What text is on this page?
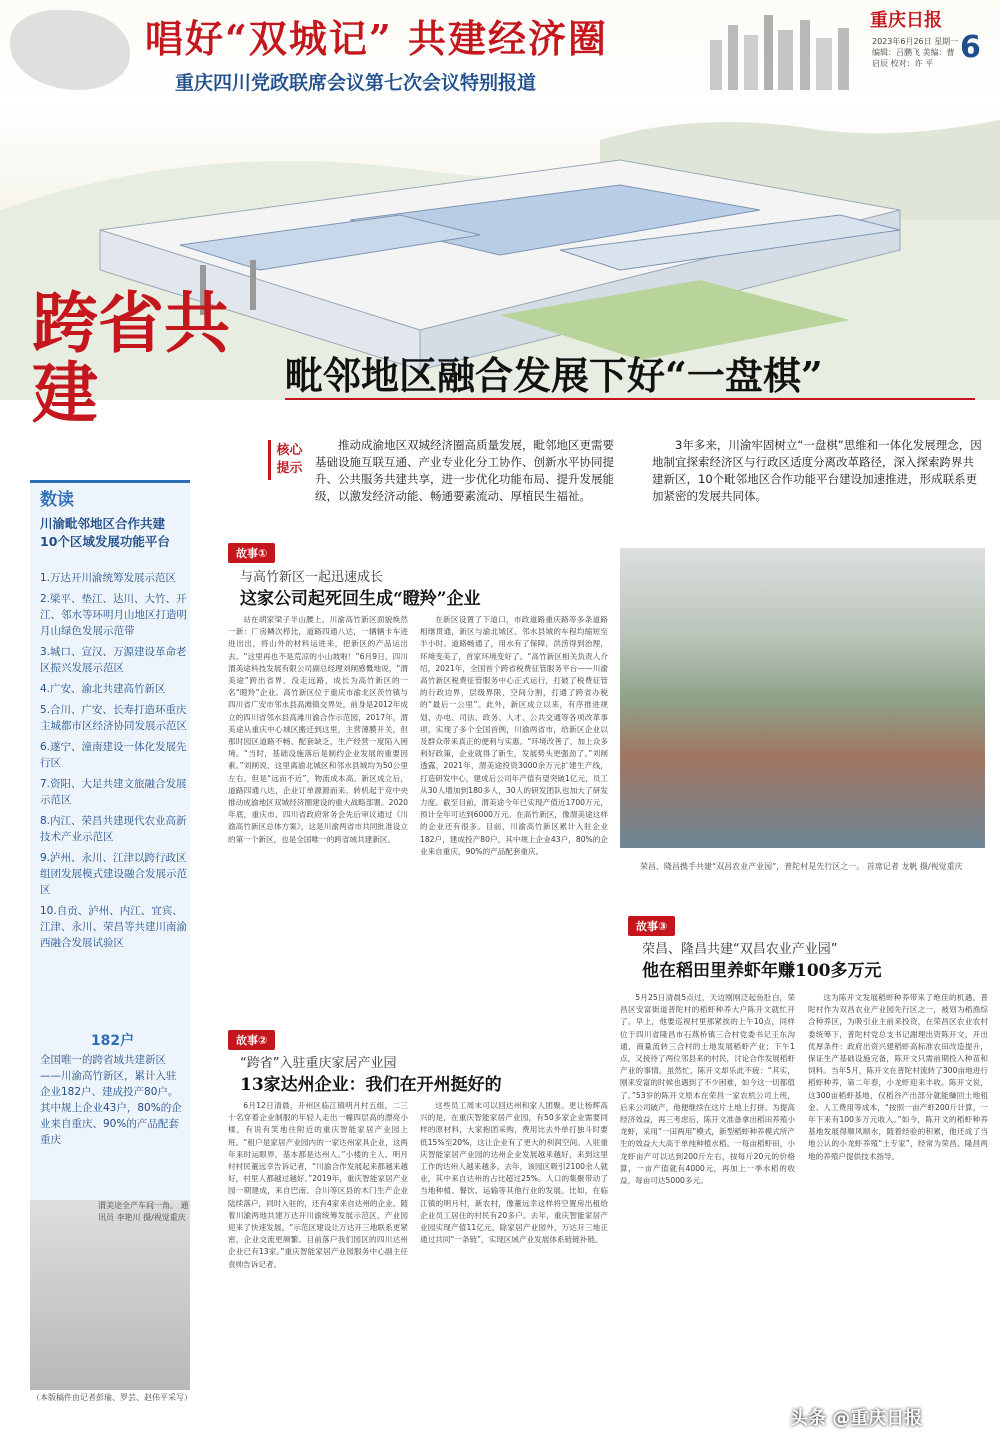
唱好“双城记” 共建经济圈
重庆四川党政联席会议第七次会议特别报道
重庆日报
2023年6月26日 星期一 编辑：吕鹏飞 美编：曹启辰 校对：许 平 6
跨省共建	毗邻地区融合发展下好“一盘棋”
核心提示
推动成渝地区双城经济圈高质量发展，毗邻地区更需要基础设施互联互通、产业专业化分工协作、创新水平协同提升、公共服务共建共享，进一步优化功能布局、提升发展能级，以激发经济动能、畅通要素流动、厚植民生福祉。
3年多来，川渝牢固树立“一盘棋”思维和一体化发展理念，因地制宜探索经济区与行政区适度分离改革路径，深入探索跨界共建新区，10个毗邻地区合作功能平台建设加速推进，形成联系更加紧密的发展共同体。
数读
川渝毗邻地区合作共建 10个区域发展功能平台
1.万达开川渝统筹发展示范区
2.梁平、垫江、达川、大竹、开江、邻水等环明月山地区打造明月山绿色发展示范带
3.城口、宣汉、万源建设革命老区振兴发展示范区
4.广安、渝北共建高竹新区
5.合川、广安、长寿打造环重庆主城都市区经济协同发展示范区
6.遂宁、潼南建设一体化发展先行区
7.资阳、大足共建文旅融合发展示范区
8.内江、荣昌共建现代农业高新技术产业示范区
9.泸州、永川、江津以跨行政区组团发展模式建设融合发展示范区
10.自贡、泸州、内江、宜宾、江津、永川、荣昌等共建川南渝西融合发展试验区
182户
全国唯一的跨省域共建新区——川渝高竹新区，累计入驻企业182户、建成投产80户。其中规上企业43户，80%的企业来自重庆、90%的产品配套重庆
渭美途全产车间一角。 通讯员 李艳川 摄/视觉重庆
（本版稿件由记者彭瑜、罗芸、赵伟平采写）
故事①
与高竹新区一起迅速成长
这家公司起死回生成“瞪羚”企业
站在胡家梁子半山腰上，川渝高竹新区面貌焕然一新：厂房鳞次栉比，道路四通八达，一辆辆卡车进进出出，将山外的材料运进来，把新区的产品运出去。“这里再也不是荒凉的小山坡啦！”6月9日，四川渭美途科技发展有限公司副总经理刘闸感慨地说，“渭美途”跨出省界，没走远路，成长为高竹新区的一名“瞪羚”企业。高竹新区位于重庆市渝北区茨竹镇与四川省广安市邻水县高滩镇交界处，前身是2012年成立的四川省邻水县高滩川渝合作示范园，2017年，渭美途从重庆中心城区搬迁到这里，主营薄膜开关，但那时园区道路不畅、配套缺乏，生产经营一度陷入困境。“当时，基础设施落后是制约企业发展的重要因素。”刘闸说，这里离渝北城区和邻水县城均为50公里左右，但是“远而不近”，物流成本高。新区成立后，道路四通八达，企业订单源源而来。转机起于竞中央推动成渝地区双城经济圈建设的重大战略部署。2020年底，重庆市、四川省政府常务会先后审议通过《川渝高竹新区总体方案》，这是川渝两省市共同批准设立的第一个新区，也是全国唯一的跨省域共建新区。
在新区设置了下道口，市政道路重庆路等多条道路相继贯通，新区与渝北城区、邻水县城的车程均缩短至半小时。道路畅通了，用水有了保障，洪涝得到治理，环境变美了，首家环境变好了。“高竹新区相关负责人介绍，2021年，全国首个跨省税费征管服务平台——川渝高竹新区税费征管服务中心正式运行，打破了税费征管的行政边界，层级界限、空间分割，打通了跨省办税的“最后一公里”。此外，新区成立以来，有序推进规划、办电、司法、政务、人才、公共交通等各项改革事项，实现了多个全国首例，川渝两省市，给新区企业以及群众带来真正的便利与实惠。“环境改善了，加上众多利好政策，企业就得了新生，发展势头更强劲了。”刘闸透露，2021年，渭美途投资3000余万元扩建生产线，打造研发中心，建成后公司年产值有望突破1亿元，员工从30人增加到180多人，30人的研发团队也加大了研发力度。截至目前，渭美途今年已实现产值近1700万元，预计全年可达到6000万元。在高竹新区，像渭美途这样的企业还有很多。目前，川渝高竹新区累计入驻企业182户，建成投产80户，其中规上企业43户，80%的企业来自重庆，90%的产品配套重庆。
故事②
“跨省”入驻重庆家居产业园
13家达州企业：我们在开州挺好的
6月12日清晨，开州区临江镇明月村五组，二三十名穿着企业制服的年轻人走出一幢四层高的漂亮小楼，有说有笑地往附近的重庆智能家居产业园上班。“租户是家居产业园内的一家达州家具企业，这两年来时运眼界，基本都是达州人。”小楼的主人、明月村村民董远幸告诉记者，“川渝合作发展起来都越来越好，村里人都越过越好。”2019年，重庆智能家居产业园一期建成，来自巴南、合川等区县的木门生产企业陆续落户，同时入驻的，还有4家来自达州的企业。随着川渝两地共建万达开川渝统筹发展示范区，产业园迎来了快速发展。“示范区建设让万达开三地联系更紧密，企业交流更频繁。目前落户我们园区的四川达州企业已有13家。”重庆智能家居产业园服务中心副主任袁帅告诉记者。
这些员工周末可以回达州和家人团聚。更让杨辉高兴的是，在重庆智能家居产业园，有50多家企业需要同样的原材料，大家抱团采购，费用比去外单打独斗时要低15%至20%，这让企业有了更大的利润空间。入驻重庆智能家居产业园的达州企业发展越来越好，来到这里工作的达州人越来越多。去年，该园区吸引2100余人就业，其中来自达州的占比超过25%。人口的集聚带动了当地种植、餐饮、运输等其他行业的发展。比如，在临江镇的明月村，新农村，像董远幸这样将空置房出租给企业员工居住的村民有20多户。去年，重庆智能家居产业园实现产值11亿元，除家居产业园外，万达开三地正通过共同“一条链”，实现区域产业发展体系链链补链。
荣昌、隆昌携手共建“双昌农业产业园”，普陀村是先行区之一。 首席记者 龙帆 摄/视觉重庆
故事③
荣昌、隆昌共建“双昌农业产业园”
他在稻田里养虾年赚100多万元
5月25日清晨5点过，天边刚刚泛起鱼肚白，荣昌区安富街道普陀村的稻虾种养大户陈开文就忙开了。早上，他要巡视村里那紧挨的上午10点，同样位于四川省隆昌市石燕桥镇三合村党委书记王东沟通，商量流转三合村的土地发展稻虾产业；下午1点，又接待了两位邻县来的村民，讨论合作发展稻虾产业的事情。虽然忙，陈开文却乐此不疲：“其实，刚来安富的时候也遇到了不少困难，如今这一切都值了。”53岁的陈开文原本在荣昌一家农机公司上班，后来公司破产，他便继续在这片土地上打拼。为提高经济效益，再三考虑后，陈开文准备拿出稻田养殖小龙虾，采用“一田两用”模式，新型稻虾种养模式所产生的效益大大高于单纯种植水稻。一每亩稻虾田，小龙虾亩产可以达到200斤左右，按每斤20元的价格算，一亩产值就有4000元，再加上一季水稻的收益，每亩可达5000多元。
这为陈开文发展稻虾种养带来了绝佳的机遇。普陀村作为双昌农业产业园先行区之一，被划为稻渔综合种养区，为吸引业主前来投资，在荣昌区农业农村委统筹下，普陀村党总支书记謝理出资陈开文，开出优厚条件：政府出资兴建稻虾高标准农田改造提升，保证生产基础设施完备，陈开文只需前期投入种苗和饲料。当年5月，陈开文在普陀村流转了300亩地进行稻虾种养，第二年春，小龙虾迎来丰收。陈开文说，这300亩稻虾基地，仅稻谷产出部分就能赚回土地租金、人工费用等成本，“按照一亩产虾200斤计算，一年下来有100多万元收入。”如今，陈开文的稻虾种养基地发展得顺风顺水，随着经验的积累，他还成了当地公认的小龙虾养殖“土专家”，经常为荣昌、隆昌两地的养殖户提供技术指导。
头条 @重庆日报
